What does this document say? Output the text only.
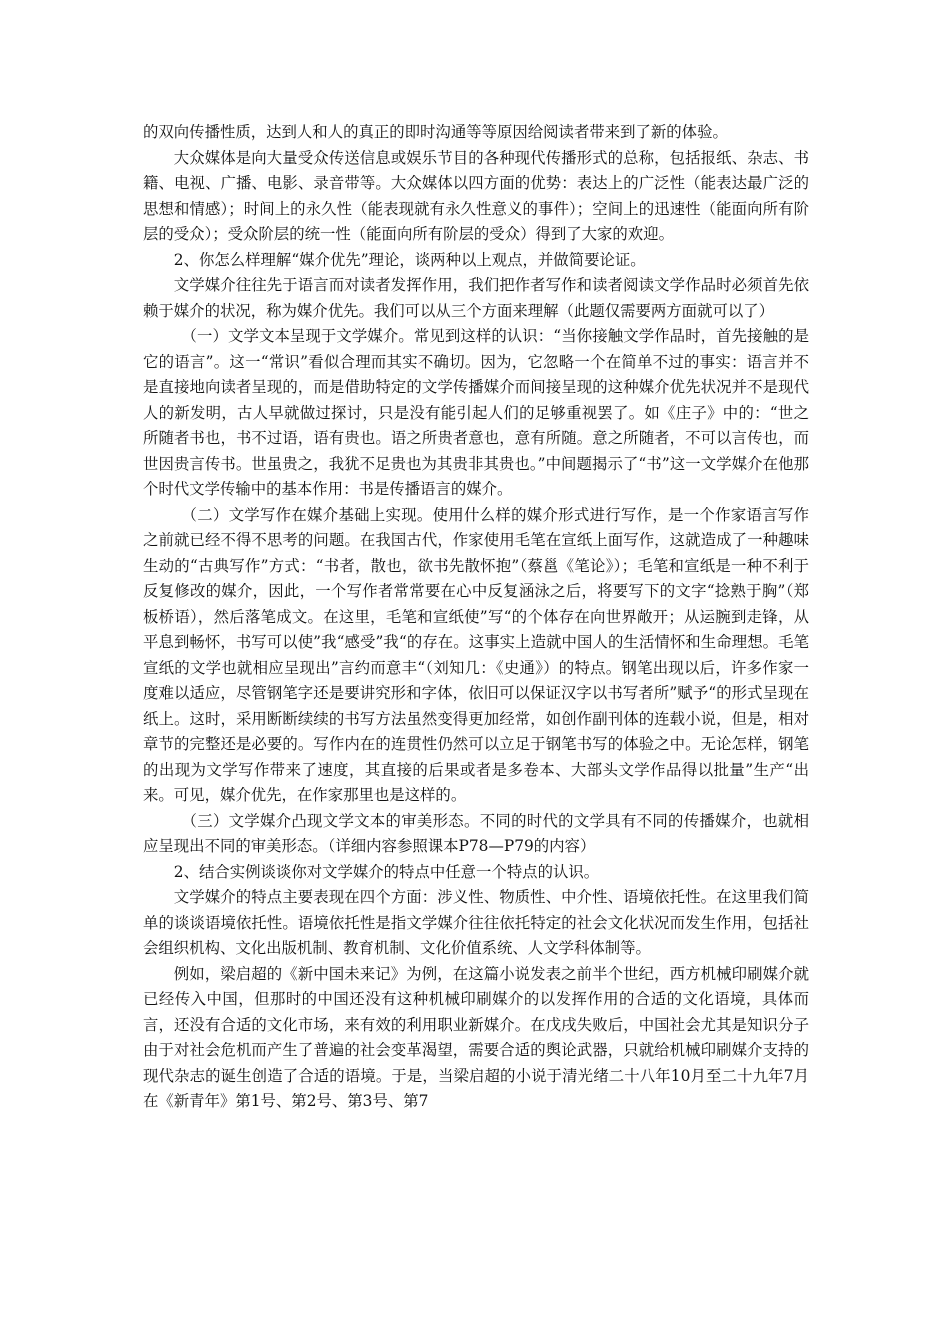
的双向传播性质，达到人和人的真正的即时沟通等等原因给阅读者带来到了新的体验。

大众媒体是向大量受众传送信息或娱乐节目的各种现代传播形式的总称，包括报纸、杂志、书籍、电视、广播、电影、录音带等。大众媒体以四方面的优势：表达上的广泛性（能表达最广泛的思想和情感）；时间上的永久性（能表现就有永久性意义的事件）；空间上的迅速性（能面向所有阶层的受众）；受众阶层的统一性（能面向所有阶层的受众）得到了大家的欢迎。

2、你怎么样理解“媒介优先”理论，谈两种以上观点，并做简要论证。

文学媒介往往先于语言而对读者发挥作用，我们把作者写作和读者阅读文学作品时必须首先依赖于媒介的状况，称为媒介优先。我们可以从三个方面来理解（此题仅需要两方面就可以了）

（一）文学文本呈现于文学媒介。常见到这样的认识：“当你接触文学作品时，首先接触的是它的语言”。这一“常识”看似合理而其实不确切。因为，它忽略一个在简单不过的事实：语言并不是直接地向读者呈现的，而是借助特定的文学传播媒介而间接呈现的这种媒介优先状况并不是现代人的新发明，古人早就做过探讨，只是没有能引起人们的足够重视罢了。如《庄子》中的：“世之所随者书也，书不过语，语有贵也。语之所贵者意也，意有所随。意之所随者，不可以言传也，而世因贵言传书。世虽贵之，我犹不足贵也为其贵非其贵也。”中间题揭示了“书”这一文学媒介在他那个时代文学传输中的基本作用：书是传播语言的媒介。

（二）文学写作在媒介基础上实现。使用什么样的媒介形式进行写作，是一个作家语言写作之前就已经不得不思考的问题。在我国古代，作家使用毛笔在宣纸上面写作，这就造成了一种趣味生动的“古典写作”方式：“书者，散也，欲书先散怀抱”（蔡邕《笔论》）；毛笔和宣纸是一种不利于反复修改的媒介，因此，一个写作者常常要在心中反复涵泳之后，将要写下的文字“捻熟于胸”（郑板桥语），然后落笔成文。在这里，毛笔和宣纸使”写“的个体存在向世界敞开；从运腕到走锋，从平息到畅怀，书写可以使”我“感受”我“的存在。这事实上造就中国人的生活情怀和生命理想。毛笔宣纸的文学也就相应呈现出”言约而意丰“（刘知几：《史通》）的特点。钢笔出现以后，许多作家一度难以适应，尽管钢笔字还是要讲究形和字体，依旧可以保证汉字以书写者所”赋予“的形式呈现在纸上。这时，采用断断续续的书写方法虽然变得更加经常，如创作副刊体的连载小说，但是，相对章节的完整还是必要的。写作内在的连贯性仍然可以立足于钢笔书写的体验之中。无论怎样，钢笔的出现为文学写作带来了速度，其直接的后果或者是多卷本、大部头文学作品得以批量”生产“出来。可见，媒介优先，在作家那里也是这样的。

（三）文学媒介凸现文学文本的审美形态。不同的时代的文学具有不同的传播媒介，也就相应呈现出不同的审美形态。（详细内容参照课本P78—P79的内容）

2、结合实例谈谈你对文学媒介的特点中任意一个特点的认识。

文学媒介的特点主要表现在四个方面：涉义性、物质性、中介性、语境依托性。在这里我们简单的谈谈语境依托性。语境依托性是指文学媒介往往依托特定的社会文化状况而发生作用，包括社会组织机构、文化出版机制、教育机制、文化价值系统、人文学科体制等。

例如，梁启超的《新中国未来记》为例，在这篇小说发表之前半个世纪，西方机械印刷媒介就已经传入中国，但那时的中国还没有这种机械印刷媒介的以发挥作用的合适的文化语境，具体而言，还没有合适的文化市场，来有效的利用职业新媒介。在戊戌失败后，中国社会尤其是知识分子由于对社会危机而产生了普遍的社会变革渴望，需要合适的舆论武器，只就给机械印刷媒介支持的现代杂志的诞生创造了合适的语境。于是，当梁启超的小说于清光绪二十八年10月至二十九年7月在《新青年》第1号、第2号、第3号、第7
